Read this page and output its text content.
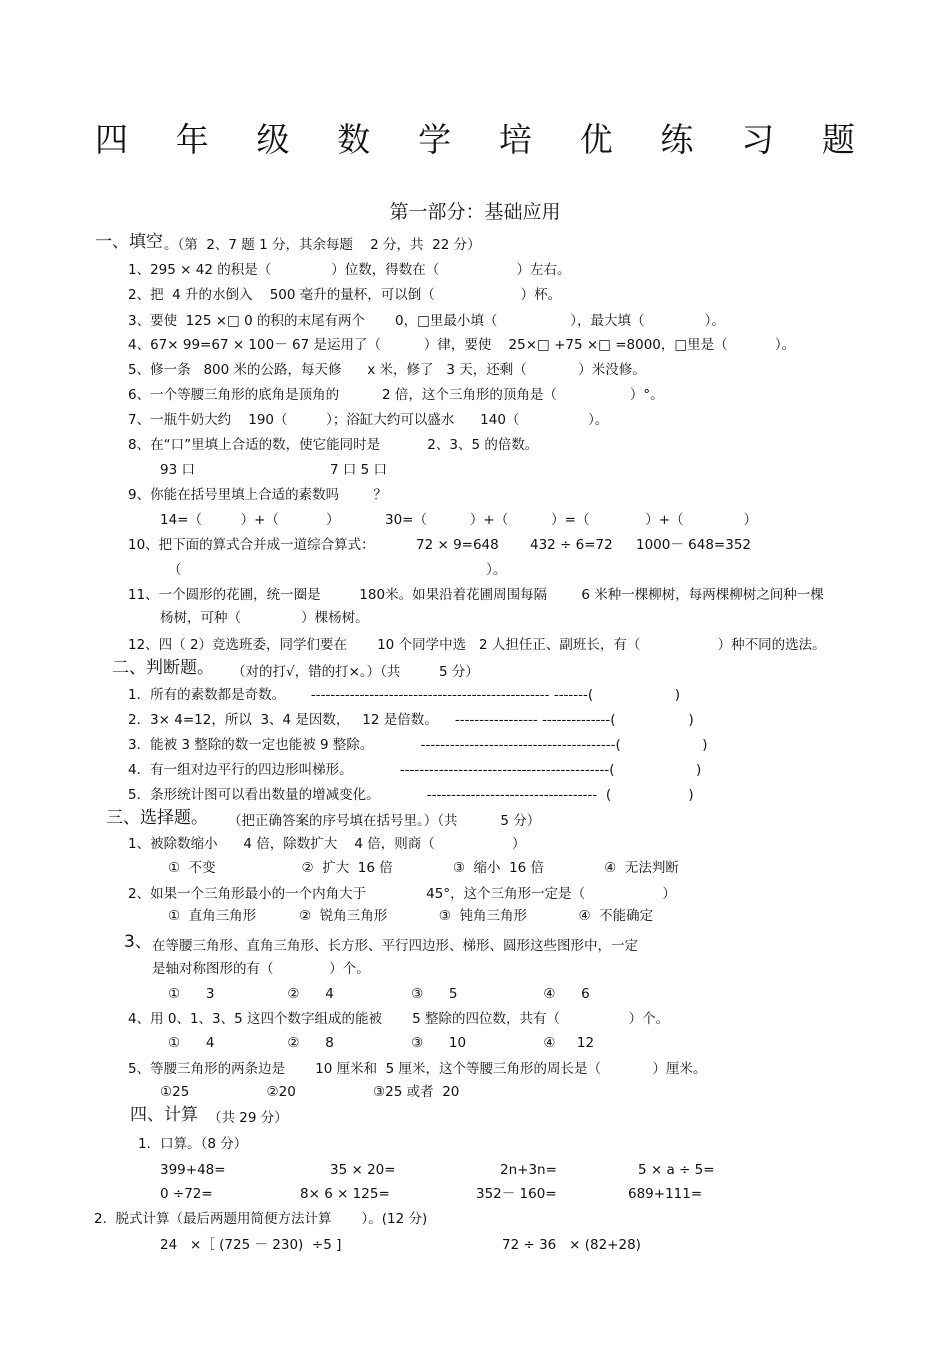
四 年 级 数 学 培 优 练 习 题
第一部分：基础应用
一、填空 。（第  2、7 题 1 分，其余每题    2 分，共  22 分）
1、295 × 42 的积是（              ）位数，得数在（                  ）左右。
2、把  4 升的水倒入    500 毫升的量杯，可以倒（                    ）杯。
3、要使  125 ×□ 0 的积的末尾有两个       0，□里最小填（                 ），最大填（              ）。
4、67× 99=67 × 100－ 67 是运用了（          ）律，要使    25×□ +75 ×□ =8000，□里是（           ）。
5、修一条   800 米的公路，每天修      x 米，修了   3 天，还剩（            ）米没修。
6、一个等腰三角形的底角是顶角的          2 倍，这个三角形的顶角是（                 ）°。
7、一瓶牛奶大约    190（         ）；浴缸大约可以盛水      140（                ）。
8、在“口”里填上合适的数，使它能同时是           2、3、5 的倍数。
93 口	7 口 5 口
9、你能在括号里填上合适的素数吗        ？
14=（         ）+（           ）	30=（          ）+（          ）=（             ）+（              ）
10、把下面的算式合并成一道综合算式：	72 × 9=648 432 ÷ 6=72 1000－ 648=352
（                                                                       ）。
11、一个圆形的花圃，统一圈是         180米。如果沿着花圃周围每隔        6 米种一棵柳树，每两棵柳树之间种一棵
杨树，可种（              ）棵杨树。
12、四（ 2）竞选班委，同学们要在       10 个同学中选   2 人担任正、副班长，有（                  ）种不同的选法。
二、判断题。 （对的打√，错的打×。）（共         5 分）
1．所有的素数都是奇数。      ------------------------------------------------- -------(                   )
2．3× 4=12，所以  3、4 是因数，   12 是倍数。    ----------------- --------------(                 )
3．能被 3 整除的数一定也能被 9 整除。           ----------------------------------------(                   )
4．有一组对边平行的四边形叫梯形。           -------------------------------------------(                   )
5．条形统计图可以看出数量的增减变化。           -----------------------------------  (                  )
三、选择题。 （把正确答案的序号填在括号里。）（共          5 分）
1、被除数缩小      4 倍，除数扩大    4 倍，则商（                  ）
①  不变                    ②  扩大  16 倍              ③  缩小  16 倍              ④  无法判断
2、如果一个三角形最小的一个内角大于              45°，这个三角形一定是（                  ）
①  直角三角形          ②  锐角三角形            ③  钝角三角形            ④  不能确定
3、 在等腰三角形、直角三角形、长方形、平行四边形、梯形、圆形这些图形中，一定
是轴对称图形的有（             ）个。
①      3                 ②      4                  ③      5                    ④      6
4、用 0、1、3、5 这四个数字组成的能被       5 整除的四位数，共有（                ）个。
①      4                 ②      8                  ③      10                  ④     12
5、等腰三角形的两条边是       10 厘米和  5 厘米，这个等腰三角形的周长是（            ）厘米。
①25                  ②20                  ③25 或者  20
四、计算 （共 29 分）
1．口算。（8 分）
399+48=	35 × 20=	2n+3n=	5 × a ÷ 5=
0 ÷72=	8× 6 × 125=	352－ 160=	689+111=
2.  脱式计算（最后两题用简便方法计算       ）。(12 分)
24   ×［ (725 － 230)  ÷5 ]	72 ÷ 36   × (82+28)
